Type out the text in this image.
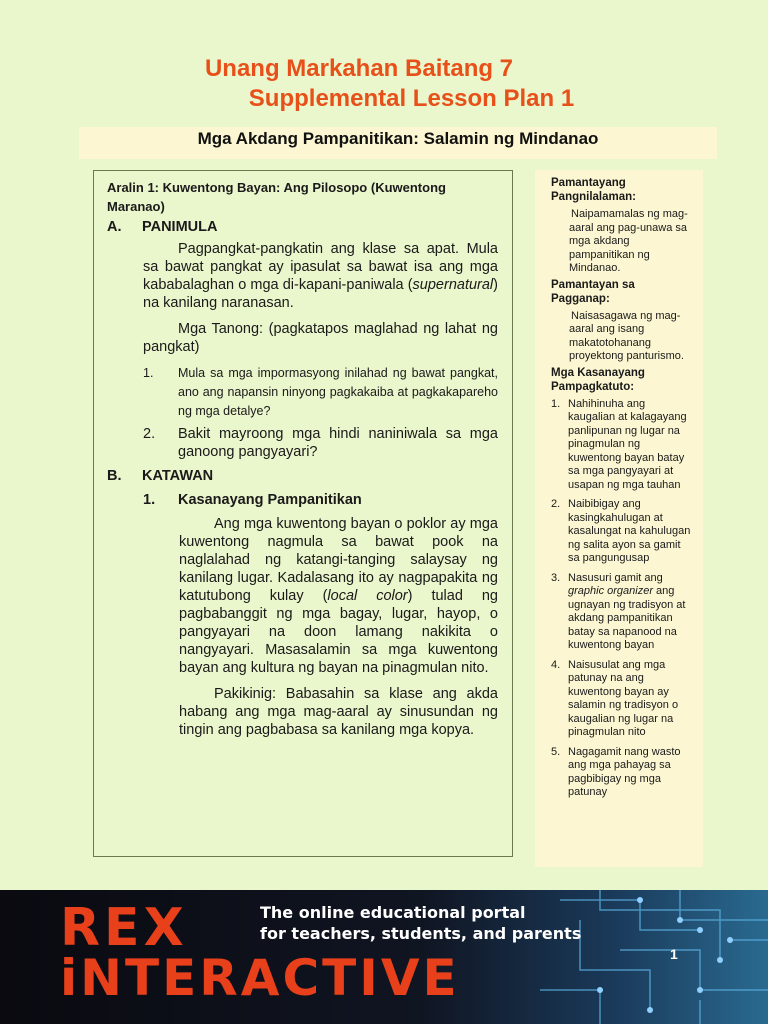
Unang Markahan Baitang 7
Supplemental Lesson Plan 1
Mga Akdang Pampanitikan: Salamin ng Mindanao
Aralin 1: Kuwentong Bayan: Ang Pilosopo (Kuwentong Maranao)
A.	PANIMULA
Pagpangkat-pangkatin ang klase sa apat. Mula sa bawat pangkat ay ipasulat sa bawat isa ang mga kababalaghan o mga di-kapani-paniwala (supernatural) na kanilang naranasan.
Mga Tanong: (pagkatapos maglahad ng lahat ng pangkat)
1.	Mula sa mga impormasyong inilahad ng bawat pangkat, ano ang napansin ninyong pagkakaiba at pagkakapareho ng mga detalye?
2.	Bakit mayroong mga hindi naniniwala sa mga ganoong pangyayari?
B.	KATAWAN
1.	Kasanayang Pampanitikan
Ang mga kuwentong bayan o poklor ay mga kuwentong nagmula sa bawat pook na naglalahad ng katangi-tanging salaysay ng kanilang lugar. Kadalasang ito ay nagpapakita ng katutubong kulay (local color) tulad ng pagbabanggit ng mga bagay, lugar, hayop, o pangyayari na doon lamang nakikita o nangyayari. Masasalamin sa mga kuwentong bayan ang kultura ng bayan na pinagmulan nito.
Pakikinig: Babasahin sa klase ang akda habang ang mga mag-aaral ay sinusundan ng tingin ang pagbabasa sa kanilang mga kopya.
Pamantayang Pangnilalaman:
Naipamamalas ng mag-aaral ang pag-unawa sa mga akdang pampanitikan ng Mindanao.
Pamantayan sa Pagganap:
Naisasagawa ng mag-aaral ang isang makatotohanang proyektong panturismo.
Mga Kasanayang Pampagkatuto:
1. Nahihinuha ang kaugalian at kalagayang panlipunan ng lugar na pinagmulan ng kuwentong bayan batay sa mga pangyayari at usapan ng mga tauhan
2. Naibibigay ang kasingkahulugan at kasalungat na kahulugan ng salita ayon sa gamit sa pangungusap
3. Nasusuri gamit ang graphic organizer ang ugnayan ng tradisyon at akdang pampanitikan batay sa napanood na kuwentong bayan
4. Naisusulat ang mga patunay na ang kuwentong bayan ay salamin ng tradisyon o kaugalian ng lugar na pinagmulan nito
5. Nagagamit nang wasto ang mga pahayag sa pagbibigay ng mga patunay
REX
iNTERACTIVE
The online educational portal
for teachers, students, and parents
1
